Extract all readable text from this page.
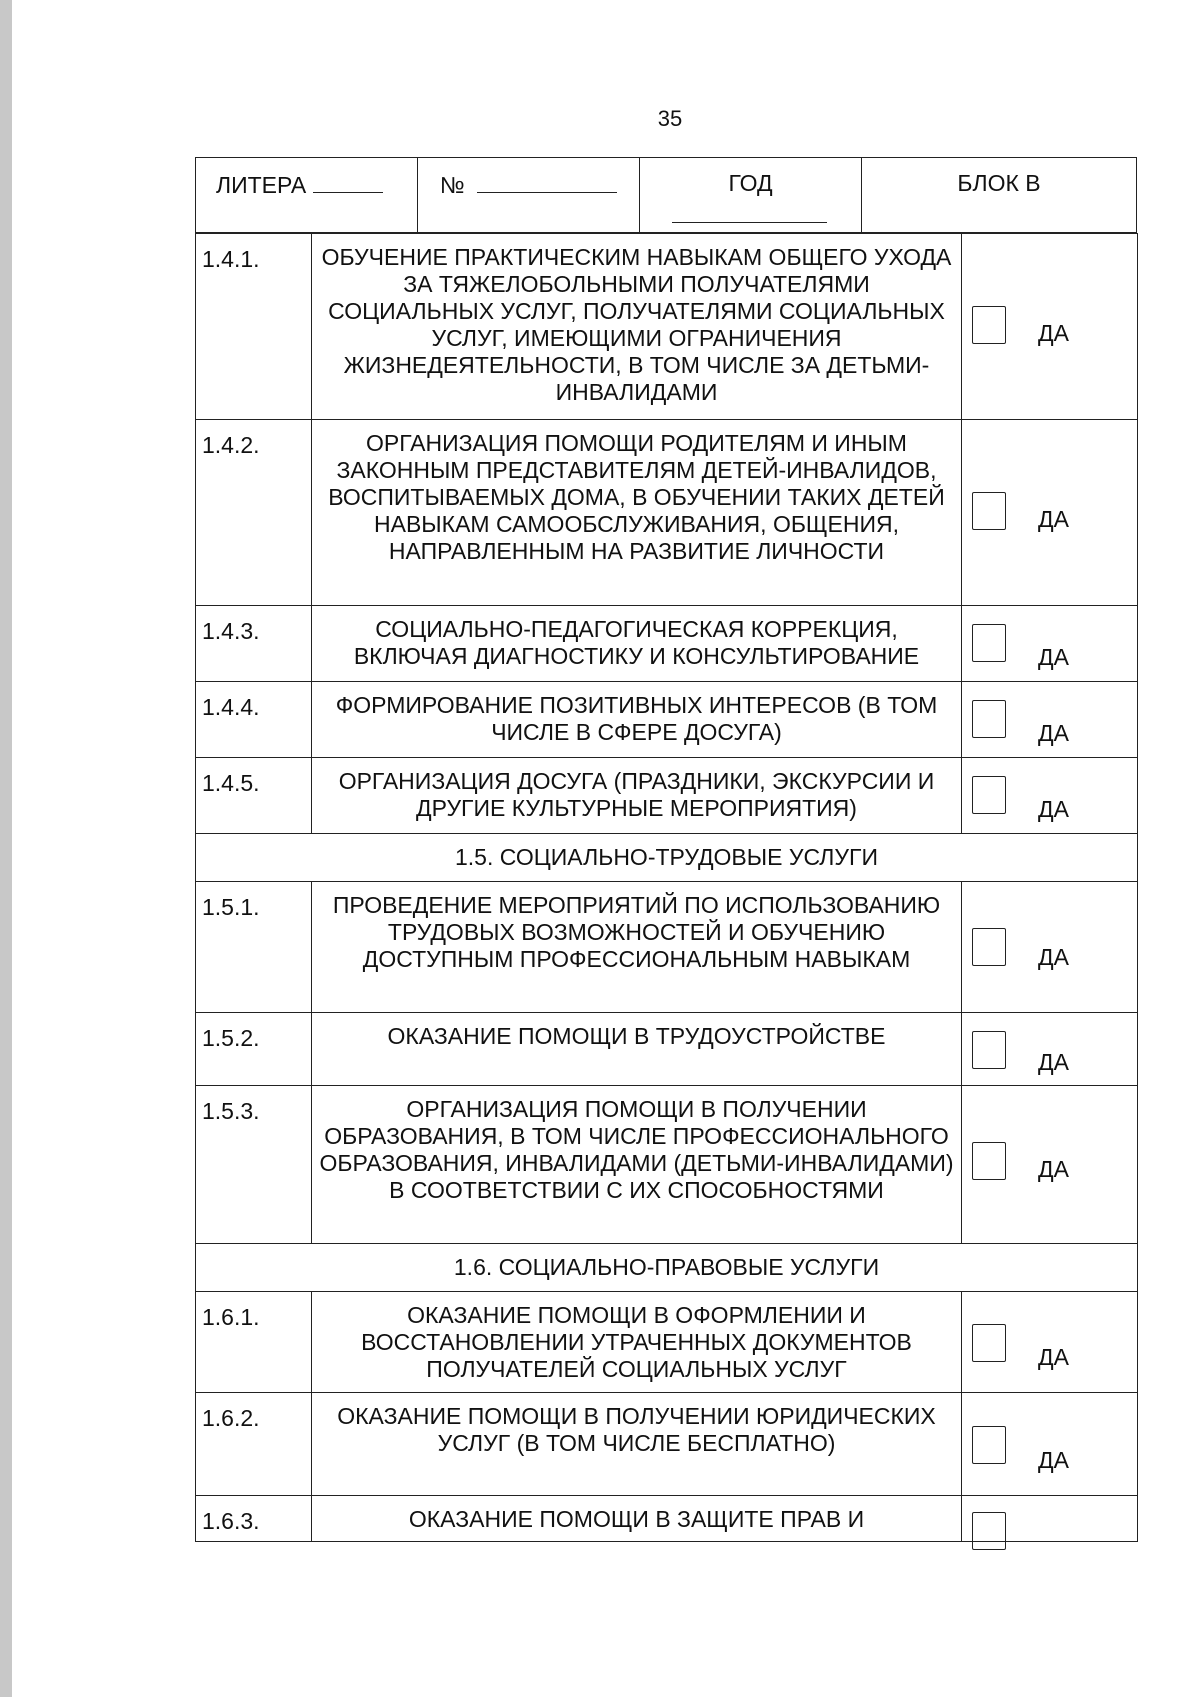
35
ЛИТЕРА	№	ГОД	БЛОК В
1.4.1.	ОБУЧЕНИЕ ПРАКТИЧЕСКИМ НАВЫКАМ ОБЩЕГО УХОДА ЗА ТЯЖЕЛОБОЛЬНЫМИ ПОЛУЧАТЕЛЯМИ СОЦИАЛЬНЫХ УСЛУГ, ПОЛУЧАТЕЛЯМИ СОЦИАЛЬНЫХ УСЛУГ, ИМЕЮЩИМИ ОГРАНИЧЕНИЯ ЖИЗНЕДЕЯТЕЛЬНОСТИ, В ТОМ ЧИСЛЕ ЗА ДЕТЬМИ-ИНВАЛИДАМИ	ДА

1.4.2.	ОРГАНИЗАЦИЯ ПОМОЩИ РОДИТЕЛЯМ И ИНЫМ ЗАКОННЫМ ПРЕДСТАВИТЕЛЯМ ДЕТЕЙ-ИНВАЛИДОВ, ВОСПИТЫВАЕМЫХ ДОМА, В ОБУЧЕНИИ ТАКИХ ДЕТЕЙ НАВЫКАМ САМООБСЛУЖИВАНИЯ, ОБЩЕНИЯ, НАПРАВЛЕННЫМ НА РАЗВИТИЕ ЛИЧНОСТИ	ДА

1.4.3.	СОЦИАЛЬНО-ПЕДАГОГИЧЕСКАЯ КОРРЕКЦИЯ, ВКЛЮЧАЯ ДИАГНОСТИКУ И КОНСУЛЬТИРОВАНИЕ	ДА

1.4.4.	ФОРМИРОВАНИЕ ПОЗИТИВНЫХ ИНТЕРЕСОВ (В ТОМ ЧИСЛЕ В СФЕРЕ ДОСУГА)	ДА

1.4.5.	ОРГАНИЗАЦИЯ ДОСУГА (ПРАЗДНИКИ, ЭКСКУРСИИ И ДРУГИЕ КУЛЬТУРНЫЕ МЕРОПРИЯТИЯ)	ДА

1.5. СОЦИАЛЬНО-ТРУДОВЫЕ УСЛУГИ		
1.5.1.	ПРОВЕДЕНИЕ МЕРОПРИЯТИЙ ПО ИСПОЛЬЗОВАНИЮ ТРУДОВЫХ ВОЗМОЖНОСТЕЙ И ОБУЧЕНИЮ ДОСТУПНЫМ ПРОФЕССИОНАЛЬНЫМ НАВЫКАМ	ДА

1.5.2.	ОКАЗАНИЕ ПОМОЩИ В ТРУДОУСТРОЙСТВЕ	ДА

1.5.3.	ОРГАНИЗАЦИЯ ПОМОЩИ В ПОЛУЧЕНИИ ОБРАЗОВАНИЯ, В ТОМ ЧИСЛЕ ПРОФЕССИОНАЛЬНОГО ОБРАЗОВАНИЯ, ИНВАЛИДАМИ (ДЕТЬМИ-ИНВАЛИДАМИ) В СООТВЕТСТВИИ С ИХ СПОСОБНОСТЯМИ	ДА

1.6. СОЦИАЛЬНО-ПРАВОВЫЕ УСЛУГИ		
1.6.1.	ОКАЗАНИЕ ПОМОЩИ В ОФОРМЛЕНИИ И ВОССТАНОВЛЕНИИ УТРАЧЕННЫХ ДОКУМЕНТОВ ПОЛУЧАТЕЛЕЙ СОЦИАЛЬНЫХ УСЛУГ	ДА

1.6.2.	ОКАЗАНИЕ ПОМОЩИ В ПОЛУЧЕНИИ ЮРИДИЧЕСКИХ УСЛУГ (В ТОМ ЧИСЛЕ БЕСПЛАТНО)	ДА

1.6.3.	ОКАЗАНИЕ ПОМОЩИ В ЗАЩИТЕ ПРАВ И	
